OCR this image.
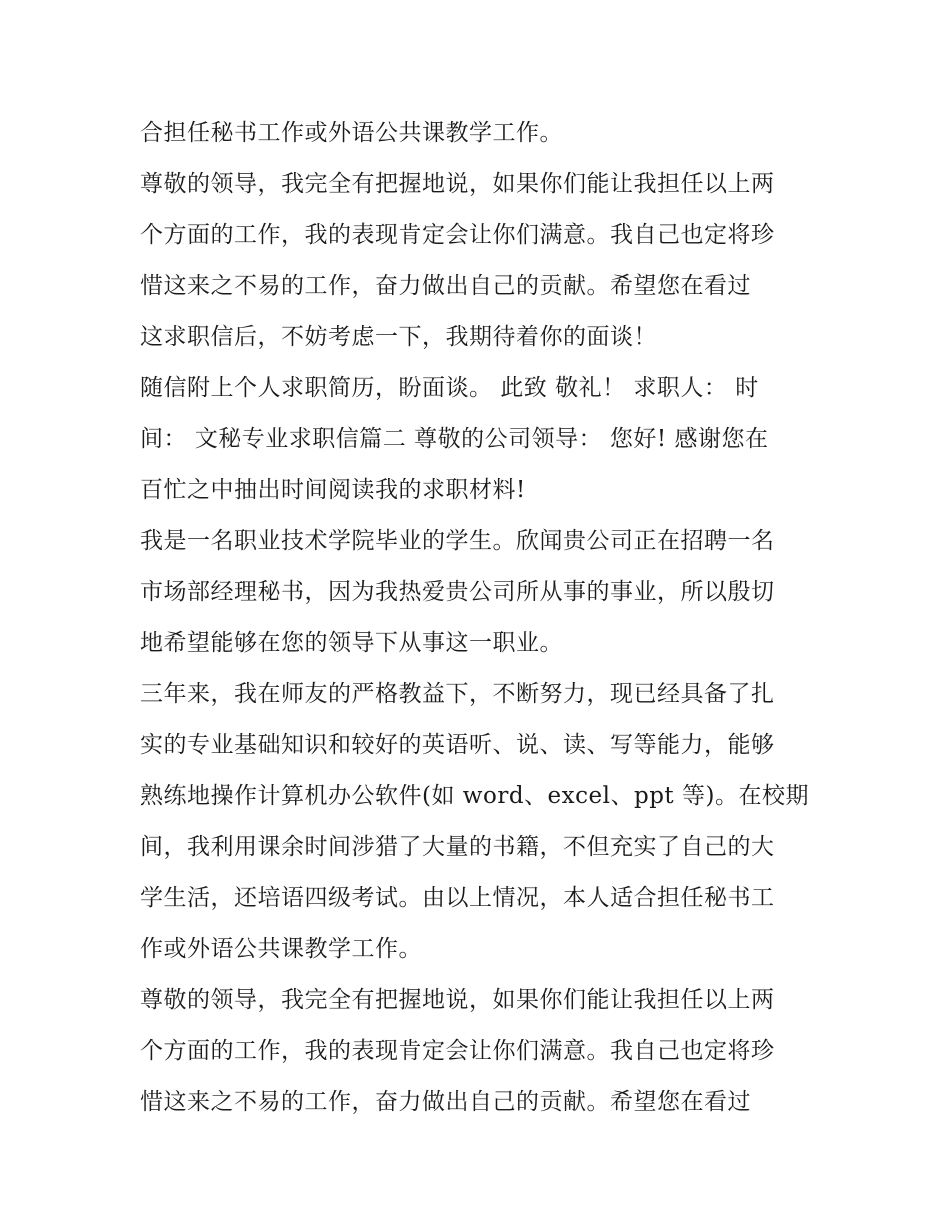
合担任秘书工作或外语公共课教学工作。
尊敬的领导，我完全有把握地说，如果你们能让我担任以上两
个方面的工作，我的表现肯定会让你们满意。我自己也定将珍
惜这来之不易的工作，奋力做出自己的贡献。希望您在看过
这求职信后，不妨考虑一下，我期待着你的面谈！
随信附上个人求职简历，盼面谈。 此致 敬礼！ 求职人： 时
间： 文秘专业求职信篇二 尊敬的公司领导： 您好! 感谢您在
百忙之中抽出时间阅读我的求职材料!
我是一名职业技术学院毕业的学生。欣闻贵公司正在招聘一名
市场部经理秘书，因为我热爱贵公司所从事的事业，所以殷切
地希望能够在您的领导下从事这一职业。
三年来，我在师友的严格教益下，不断努力，现已经具备了扎
实的专业基础知识和较好的英语听、说、读、写等能力，能够
熟练地操作计算机办公软件(如 word、excel、ppt 等)。在校期
间，我利用课余时间涉猎了大量的书籍，不但充实了自己的大
学生活，还培语四级考试。由以上情况，本人适合担任秘书工
作或外语公共课教学工作。
尊敬的领导，我完全有把握地说，如果你们能让我担任以上两
个方面的工作，我的表现肯定会让你们满意。我自己也定将珍
惜这来之不易的工作，奋力做出自己的贡献。希望您在看过
